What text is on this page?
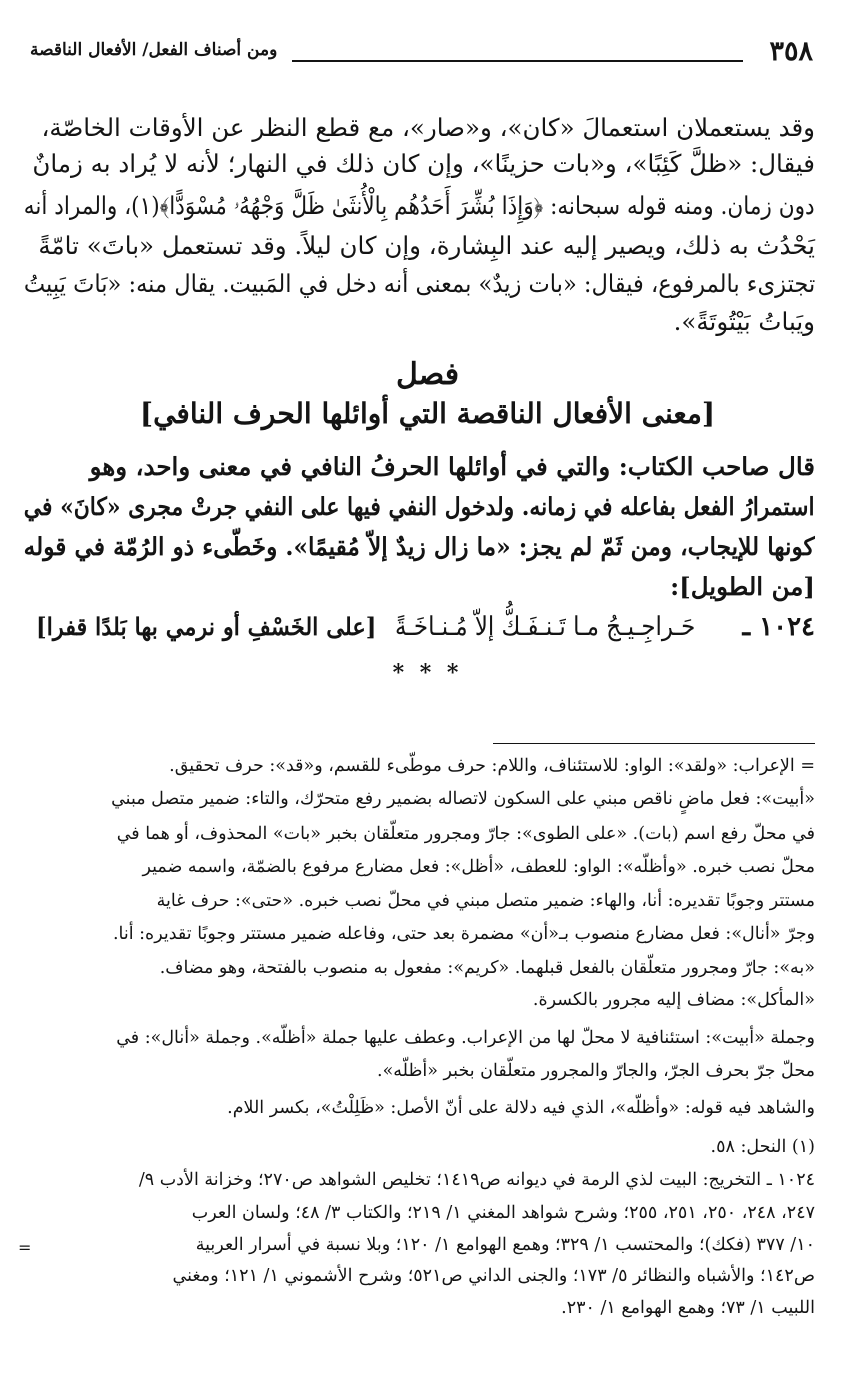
٣٥٨
ومن أصناف الفعل/ الأفعال الناقصة
وقد يستعملان استعمالَ «كان»، و«صار»، مع قطع النظر عن الأوقات الخاصّة،
فيقال: «ظلَّ كَئِبًا»، و«بات حزينًا»، وإن كان ذلك في النهار؛ لأنه لا يُراد به زمانٌ
دون زمان. ومنه قوله سبحانه: ﴿وَإِذَا بُشِّرَ أَحَدُهُم بِالْأُنثَىٰ ظَلَّ وَجْهُهُۥ مُسْوَدًّا﴾(١)، والمراد أنه
يَحْدُث به ذلك، ويصير إليه عند البِشارة، وإن كان ليلاً. وقد تستعمل «باتَ» تامّةً
تجتزىء بالمرفوع، فيقال: «بات زيدٌ» بمعنى أنه دخل في المَبيت. يقال منه: «بَاتَ يَبِيتُ
ويَباتُ بَيْتُوتَةً».
فصل
[معنى الأفعال الناقصة التي أوائلها الحرف النافي]
قال صاحب الكتاب: والتي في أوائلها الحرفُ النافي في معنى واحد، وهو
استمرارُ الفعل بفاعله في زمانه. ولدخول النفي فيها على النفي جرتْ مجرى «كانَ» في
كونها للإيجاب، ومن ثَمّ لم يجز: «ما زال زيدٌ إلاّ مُقيمًا». وخَطّىء ذو الرُمّة في قوله
[من الطويل]:
١٠٢٤ ـ
حَـراجِـيـجُ مـا تَـنـفَـكُّ إلاّ مُـنـاخَـةً
[على الخَسْفِ أو نرمي بها بَلدًا قفرا]
* * *
= الإعراب: «ولقد»: الواو: للاستئناف، واللام: حرف موطّىء للقسم، و«قد»: حرف تحقيق.
«أبيت»: فعل ماضٍ ناقص مبني على السكون لاتصاله بضمير رفع متحرّك، والتاء: ضمير متصل مبني
في محلّ رفع اسم (بات). «على الطوى»: جارّ ومجرور متعلّقان بخبر «بات» المحذوف، أو هما في
محلّ نصب خبره. «وأظلّه»: الواو: للعطف، «أظل»: فعل مضارع مرفوع بالضمّة، واسمه ضمير
مستتر وجوبًا تقديره: أنا، والهاء: ضمير متصل مبني في محلّ نصب خبره. «حتى»: حرف غاية
وجرّ «أنال»: فعل مضارع منصوب بـ«أن» مضمرة بعد حتى، وفاعله ضمير مستتر وجوبًا تقديره: أنا.
«به»: جارّ ومجرور متعلّقان بالفعل قبلهما. «كريم»: مفعول به منصوب بالفتحة، وهو مضاف.
«المأكل»: مضاف إليه مجرور بالكسرة.
وجملة «أبيت»: استئنافية لا محلّ لها من الإعراب. وعطف عليها جملة «أظلّه». وجملة «أنال»: في
محلّ جرّ بحرف الجرّ، والجارّ والمجرور متعلّقان بخبر «أظلّه».
والشاهد فيه قوله: «وأظلّه»، الذي فيه دلالة على أنّ الأصل: «ظَلِلْتُ»، بكسر اللام.
(١) النحل: ٥٨.
١٠٢٤ ـ التخريج: البيت لذي الرمة في ديوانه ص١٤١٩؛ تخليص الشواهد ص٢٧٠؛ وخزانة الأدب ٩/
٢٤٧، ٢٤٨، ٢٥٠، ٢٥١، ٢٥٥؛ وشرح شواهد المغني ١/ ٢١٩؛ والكتاب ٣/ ٤٨؛ ولسان العرب
١٠/ ٣٧٧ (فكك)؛ والمحتسب ١/ ٣٢٩؛ وهمع الهوامع ١/ ١٢٠؛ وبلا نسبة في أسرار العربية
ص١٤٢؛ والأشباه والنظائر ٥/ ١٧٣؛ والجنى الداني ص٥٢١؛ وشرح الأشموني ١/ ١٢١؛ ومغني
اللبيب ١/ ٧٣؛ وهمع الهوامع ١/ ٢٣٠.
=
